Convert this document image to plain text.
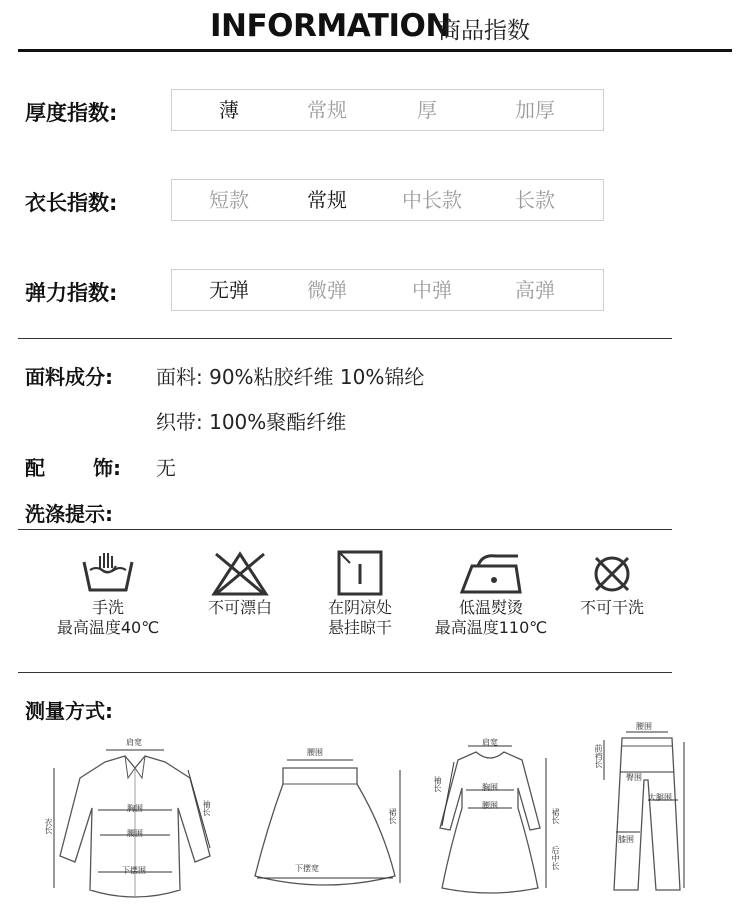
INFORMATION
商品指数
厚度指数:	薄	常规	厚	加厚
衣长指数:	短款	常规	中长款	长款
弹力指数:	无弹	微弹	中弹	高弹
面料成分: 面料: 90%粘胶纤维 10%锦纶
织带: 100%聚酯纤维
配 饰: 无
洗涤提示:
手洗
最高温度40℃
不可漂白	在阴凉处
悬挂晾干
低温熨烫
最高温度110℃
不可干洗
测量方式:
肩宽
胸围
腰围
下摆围
衣长
袖长
腰围
下摆宽
裙长
肩宽
胸围
腰围
袖长
裙长
后中长
腰围
臀围
大腿围
膝围
前裆长
